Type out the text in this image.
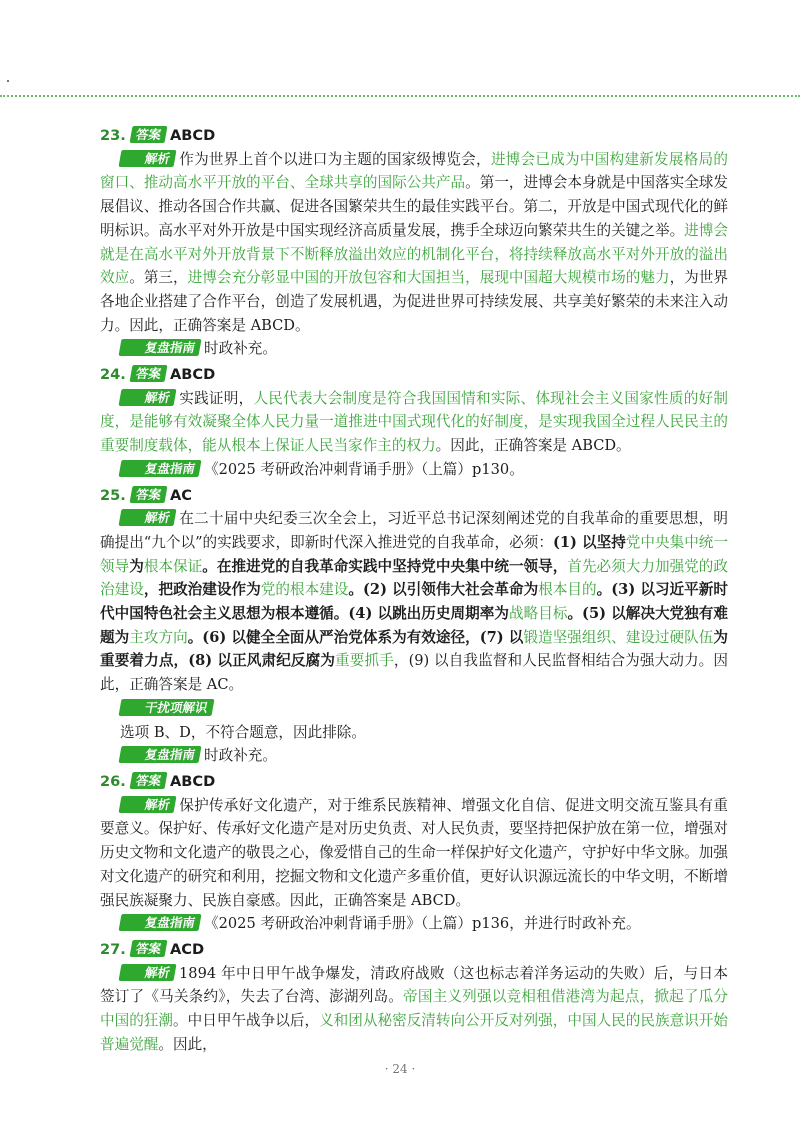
23. 答案 ABCD

解析 作为世界上首个以进口为主题的国家级博览会，进博会已成为中国构建新发展格局的窗口、推动高水平开放的平台、全球共享的国际公共产品。第一，进博会本身就是中国落实全球发展倡议、推动各国合作共赢、促进各国繁荣共生的最佳实践平台。第二，开放是中国式现代化的鲜明标识。高水平对外开放是中国实现经济高质量发展，携手全球迈向繁荣共生的关键之举。进博会就是在高水平对外开放背景下不断释放溢出效应的机制化平台，将持续释放高水平对外开放的溢出效应。第三，进博会充分彰显中国的开放包容和大国担当，展现中国超大规模市场的魅力，为世界各地企业搭建了合作平台，创造了发展机遇，为促进世界可持续发展、共享美好繁荣的未来注入动力。因此，正确答案是 ABCD。

复盘指南 时政补充。

24. 答案 ABCD

解析 实践证明，人民代表大会制度是符合我国国情和实际、体现社会主义国家性质的好制度，是能够有效凝聚全体人民力量一道推进中国式现代化的好制度，是实现我国全过程人民民主的重要制度载体，能从根本上保证人民当家作主的权力。因此，正确答案是 ABCD。

复盘指南 《2025 考研政治冲刺背诵手册》（上篇）p130。

25. 答案 AC

解析 在二十届中央纪委三次全会上，习近平总书记深刻阐述党的自我革命的重要思想，明确提出“九个以”的实践要求，即新时代深入推进党的自我革命，必须：(1) 以坚持党中央集中统一领导为根本保证。在推进党的自我革命实践中坚持党中央集中统一领导，首先必须大力加强党的政治建设，把政治建设作为党的根本建设。(2) 以引领伟大社会革命为根本目的。(3) 以习近平新时代中国特色社会主义思想为根本遵循。(4) 以跳出历史周期率为战略目标。(5) 以解决大党独有难题为主攻方向。(6) 以健全全面从严治党体系为有效途径，(7) 以锻造坚强组织、建设过硬队伍为重要着力点，(8) 以正风肃纪反腐为重要抓手，(9) 以自我监督和人民监督相结合为强大动力。因此，正确答案是 AC。

干扰项解识

选项 B、D，不符合题意，因此排除。

复盘指南 时政补充。

26. 答案 ABCD

解析 保护传承好文化遗产，对于维系民族精神、增强文化自信、促进文明交流互鉴具有重要意义。保护好、传承好文化遗产是对历史负责、对人民负责，要坚持把保护放在第一位，增强对历史文物和文化遗产的敬畏之心，像爱惜自己的生命一样保护好文化遗产，守护好中华文脉。加强对文化遗产的研究和利用，挖掘文物和文化遗产多重价值，更好认识源远流长的中华文明，不断增强民族凝聚力、民族自豪感。因此，正确答案是 ABCD。

复盘指南 《2025 考研政治冲刺背诵手册》（上篇）p136，并进行时政补充。

27. 答案 ACD

解析 1894 年中日甲午战争爆发，清政府战败（这也标志着洋务运动的失败）后，与日本签订了《马关条约》，失去了台湾、澎湖列岛。帝国主义列强以竞相租借港湾为起点，掀起了瓜分中国的狂潮。中日甲午战争以后，义和团从秘密反清转向公开反对列强，中国人民的民族意识开始普遍觉醒。因此，

· 24 ·
